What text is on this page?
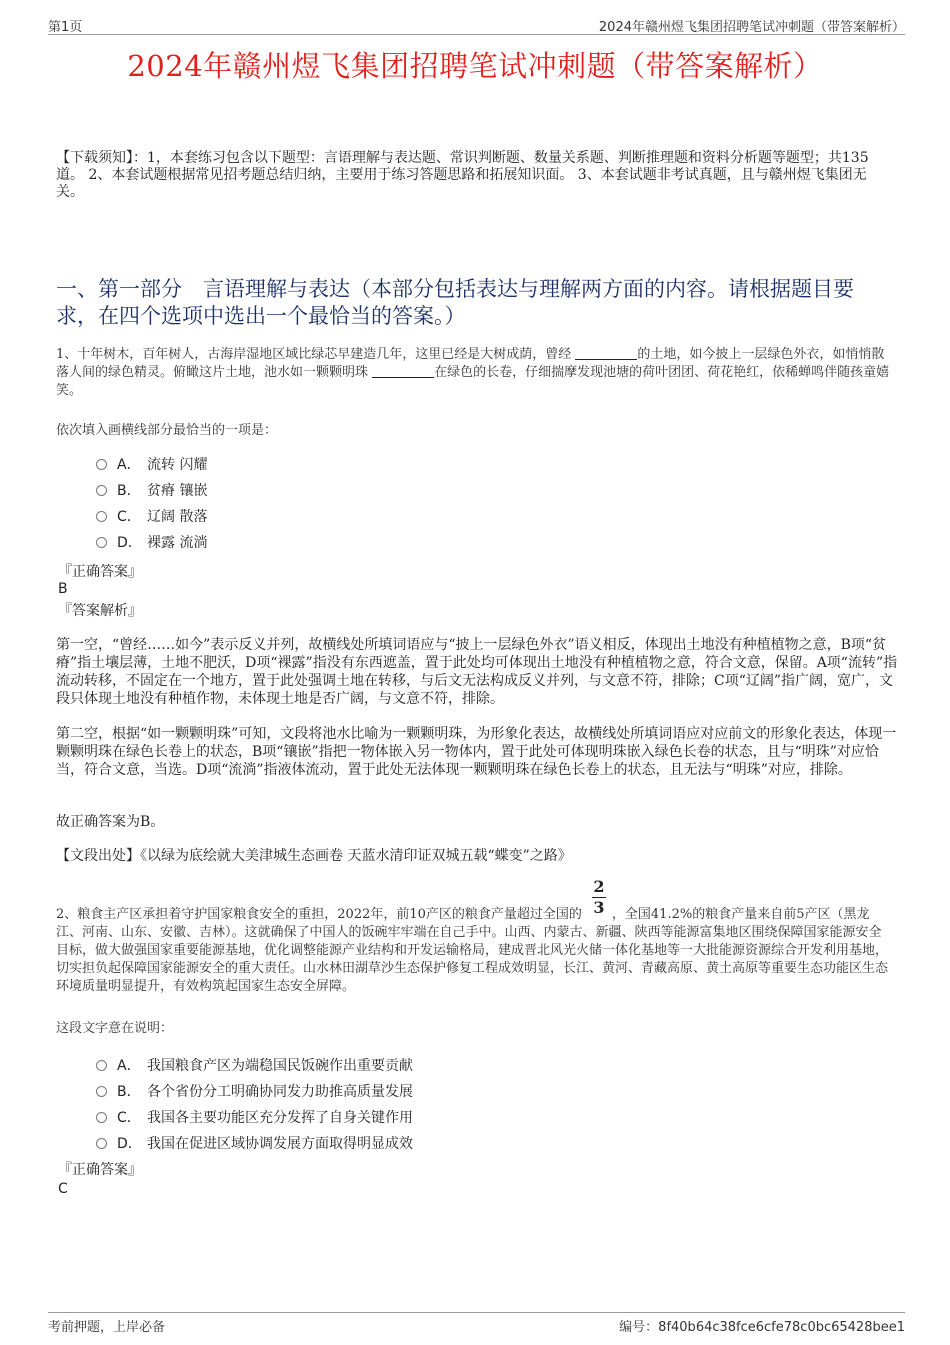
第1页	2024年赣州煜飞集团招聘笔试冲刺题（带答案解析）
2024年赣州煜飞集团招聘笔试冲刺题（带答案解析）
【下载须知】：1，本套练习包含以下题型：言语理解与表达题、常识判断题、数量关系题、判断推理题和资料分析题等题型；共135道。 2、本套试题根据常见招考题总结归纳，主要用于练习答题思路和拓展知识面。 3、本套试题非考试真题，且与赣州煜飞集团无关。
一、第一部分　言语理解与表达（本部分包括表达与理解两方面的内容。请根据题目要求，在四个选项中选出一个最恰当的答案。）
1、十年树木，百年树人，古海岸湿地区域比绿芯早建造几年，这里已经是大树成荫，曾经	的土地，如今披上一层绿色外衣，如悄悄散落人间的绿色精灵。俯瞰这片土地，池水如一颗颗明珠	在绿色的长卷，仔细揣摩发现池塘的荷叶团团、荷花艳红，依稀蝉鸣伴随孩童嬉笑。
依次填入画横线部分最恰当的一项是：
A． 流转 闪耀
B． 贫瘠 镶嵌
C． 辽阔 散落
D． 裸露 流淌
『正确答案』
B
『答案解析』
第一空，“曾经……如今”表示反义并列，故横线处所填词语应与“披上一层绿色外衣”语义相反，体现出土地没有种植植物之意，B项“贫瘠”指土壤层薄，土地不肥沃，D项“裸露”指没有东西遮盖，置于此处均可体现出土地没有种植植物之意，符合文意，保留。A项“流转”指流动转移，不固定在一个地方，置于此处强调土地在转移，与后文无法构成反义并列，与文意不符，排除；C项“辽阔”指广阔，宽广，文段只体现土地没有种植作物，未体现土地是否广阔，与文意不符，排除。
第二空，根据“如一颗颗明珠”可知，文段将池水比喻为一颗颗明珠，为形象化表达，故横线处所填词语应对应前文的形象化表达，体现一颗颗明珠在绿色长卷上的状态，B项“镶嵌”指把一物体嵌入另一物体内，置于此处可体现明珠嵌入绿色长卷的状态，且与“明珠”对应恰当，符合文意，当选。D项“流淌”指液体流动，置于此处无法体现一颗颗明珠在绿色长卷上的状态，且无法与“明珠”对应，排除。
故正确答案为B。
【文段出处】《以绿为底绘就大美津城生态画卷 天蓝水清印证双城五载“蝶变”之路》
2
3
2、粮食主产区承担着守护国家粮食安全的重担，2022年，前10产区的粮食产量超过全国的 ，全国41.2%的粮食产量来自前5产区（黑龙江、河南、山东、安徽、吉林）。这就确保了中国人的饭碗牢牢端在自己手中。山西、内蒙古、新疆、陕西等能源富集地区围绕保障国家能源安全目标，做大做强国家重要能源基地，优化调整能源产业结构和开发运输格局，建成晋北风光火储一体化基地等一大批能源资源综合开发利用基地，切实担负起保障国家能源安全的重大责任。山水林田湖草沙生态保护修复工程成效明显，长江、黄河、青藏高原、黄土高原等重要生态功能区生态环境质量明显提升，有效构筑起国家生态安全屏障。
这段文字意在说明：
A． 我国粮食产区为端稳国民饭碗作出重要贡献
B． 各个省份分工明确协同发力助推高质量发展
C． 我国各主要功能区充分发挥了自身关键作用
D． 我国在促进区域协调发展方面取得明显成效
『正确答案』
C
考前押题，上岸必备	编号：8f40b64c38fce6cfe78c0bc65428bee1
